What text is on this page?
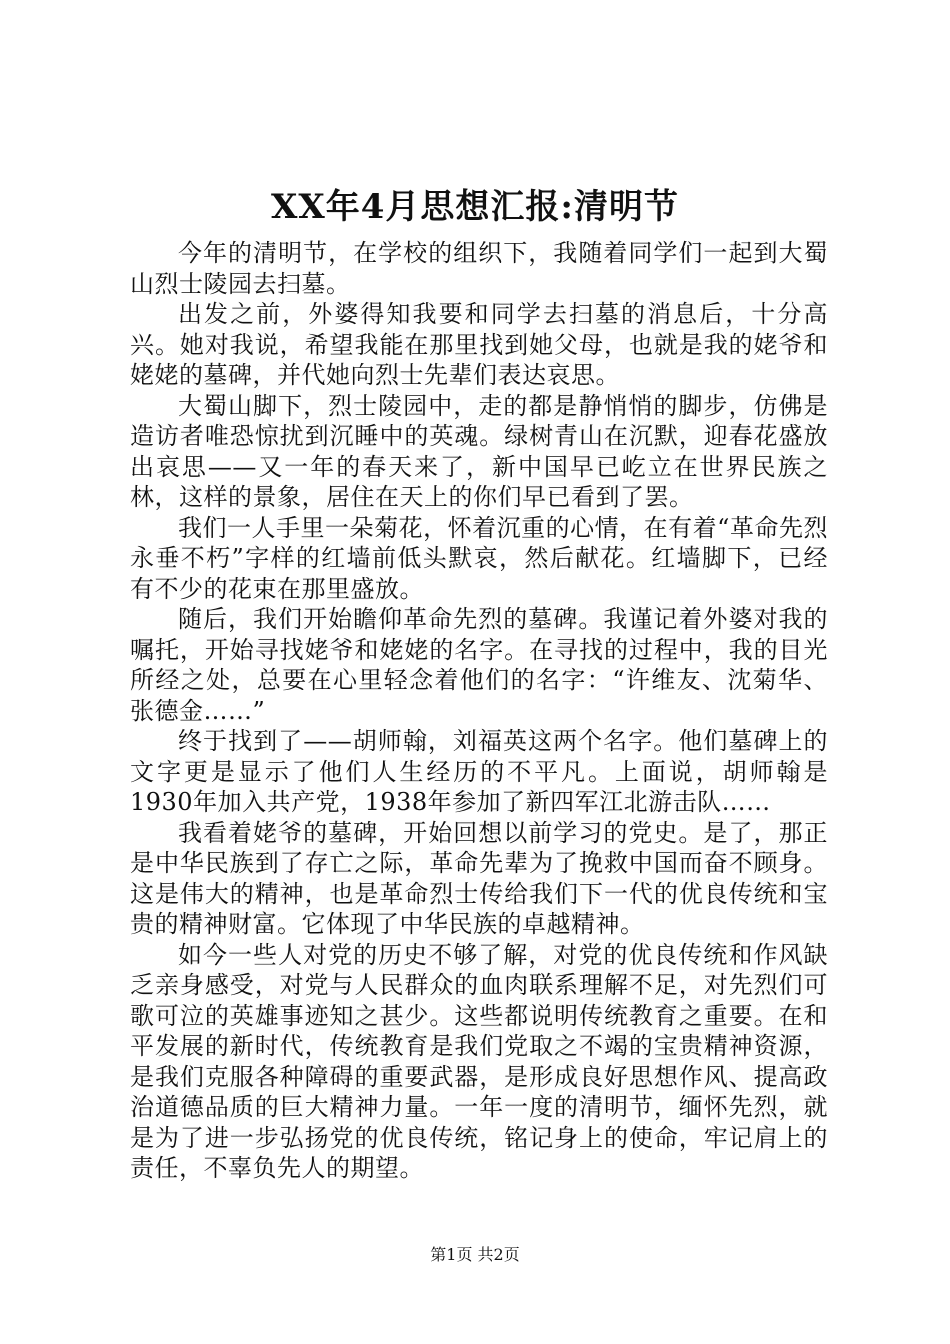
XX年4月思想汇报:清明节

今年的清明节，在学校的组织下，我随着同学们一起到大蜀山烈士陵园去扫墓。

出发之前，外婆得知我要和同学去扫墓的消息后，十分高兴。她对我说，希望我能在那里找到她父母，也就是我的姥爷和姥姥的墓碑，并代她向烈士先辈们表达哀思。

大蜀山脚下，烈士陵园中，走的都是静悄悄的脚步，仿佛是造访者唯恐惊扰到沉睡中的英魂。绿树青山在沉默，迎春花盛放出哀思——又一年的春天来了，新中国早已屹立在世界民族之林，这样的景象，居住在天上的你们早已看到了罢。

我们一人手里一朵菊花，怀着沉重的心情，在有着“革命先烈永垂不朽”字样的红墙前低头默哀，然后献花。红墙脚下，已经有不少的花束在那里盛放。

随后，我们开始瞻仰革命先烈的墓碑。我谨记着外婆对我的嘱托，开始寻找姥爷和姥姥的名字。在寻找的过程中，我的目光所经之处，总要在心里轻念着他们的名字：“许维友、沈菊华、张德金……”

终于找到了——胡师翰，刘福英这两个名字。他们墓碑上的文字更是显示了他们人生经历的不平凡。上面说，胡师翰是1930年加入共产党，1938年参加了新四军江北游击队……

我看着姥爷的墓碑，开始回想以前学习的党史。是了，那正是中华民族到了存亡之际，革命先辈为了挽救中国而奋不顾身。这是伟大的精神，也是革命烈士传给我们下一代的优良传统和宝贵的精神财富。它体现了中华民族的卓越精神。

如今一些人对党的历史不够了解，对党的优良传统和作风缺乏亲身感受，对党与人民群众的血肉联系理解不足，对先烈们可歌可泣的英雄事迹知之甚少。这些都说明传统教育之重要。在和平发展的新时代，传统教育是我们党取之不竭的宝贵精神资源，是我们克服各种障碍的重要武器，是形成良好思想作风、提高政治道德品质的巨大精神力量。一年一度的清明节，缅怀先烈，就是为了进一步弘扬党的优良传统，铭记身上的使命，牢记肩上的责任，不辜负先人的期望。

第1页 共2页
